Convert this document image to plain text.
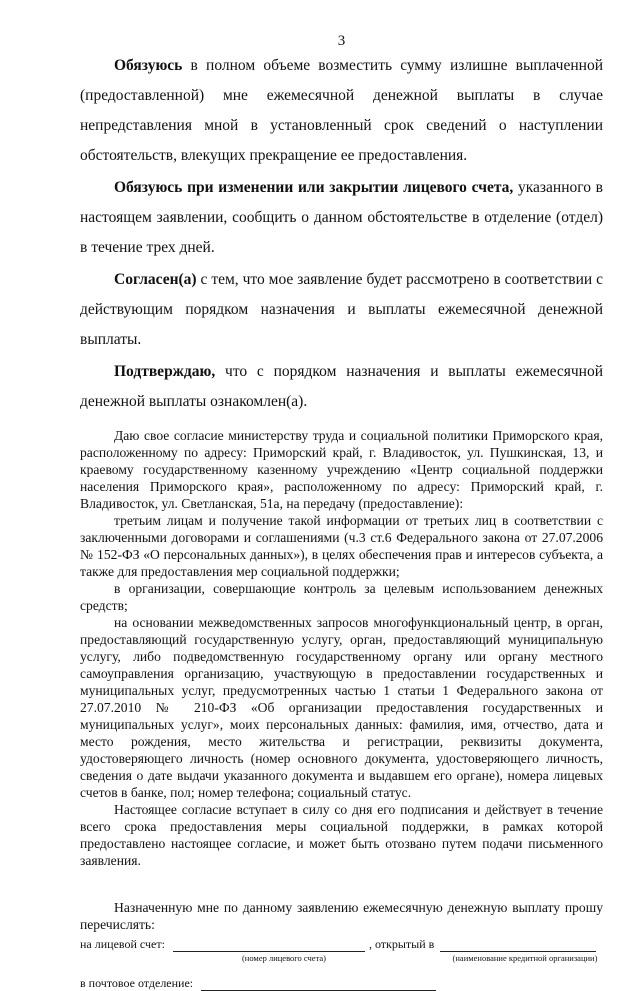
3

Обязуюсь в полном объеме возместить сумму излишне выплаченной (предоставленной) мне ежемесячной денежной выплаты в случае непредставления мной в установленный срок сведений о наступлении обстоятельств, влекущих прекращение ее предоставления.

Обязуюсь при изменении или закрытии лицевого счета, указанного в настоящем заявлении, сообщить о данном обстоятельстве в отделение (отдел) в течение трех дней.

Согласен(а) с тем, что мое заявление будет рассмотрено в соответствии с действующим порядком назначения и выплаты ежемесячной денежной выплаты.

Подтверждаю, что с порядком назначения и выплаты ежемесячной денежной выплаты ознакомлен(а).

Даю свое согласие министерству труда и социальной политики Приморского края, расположенному по адресу: Приморский край, г. Владивосток, ул. Пушкинская, 13, и краевому государственному казенному учреждению «Центр социальной поддержки населения Приморского края», расположенному по адресу: Приморский край, г. Владивосток, ул. Светланская, 51а, на передачу (предоставление):

третьим лицам и получение такой информации от третьих лиц в соответствии с заключенными договорами и соглашениями (ч.3 ст.6 Федерального закона от 27.07.2006 № 152-ФЗ «О персональных данных»), в целях обеспечения прав и интересов субъекта, а также для предоставления мер социальной поддержки;

в организации, совершающие контроль за целевым использованием денежных средств;

на основании межведомственных запросов многофункциональный центр, в орган, предоставляющий государственную услугу, орган, предоставляющий муниципальную услугу, либо подведомственную государственному органу или органу местного самоуправления организацию, участвующую в предоставлении государственных и муниципальных услуг, предусмотренных частью 1 статьи 1 Федерального закона от 27.07.2010 № 210-ФЗ «Об организации предоставления государственных и муниципальных услуг», моих персональных данных: фамилия, имя, отчество, дата и место рождения, место жительства и регистрации, реквизиты документа, удостоверяющего личность (номер основного документа, удостоверяющего личность, сведения о дате выдачи указанного документа и выдавшем его органе), номера лицевых счетов в банке, пол; номер телефона; социальный статус.

Настоящее согласие вступает в силу со дня его подписания и действует в течение всего срока предоставления меры социальной поддержки, в рамках которой предоставлено настоящее согласие, и может быть отозвано путем подачи письменного заявления.

Назначенную мне по данному заявлению ежемесячную денежную выплату прошу перечислять:

на лицевой счет:	, открытый в
(номер лицевого счета)	(наименование кредитной организации)
в почтовое отделение:
